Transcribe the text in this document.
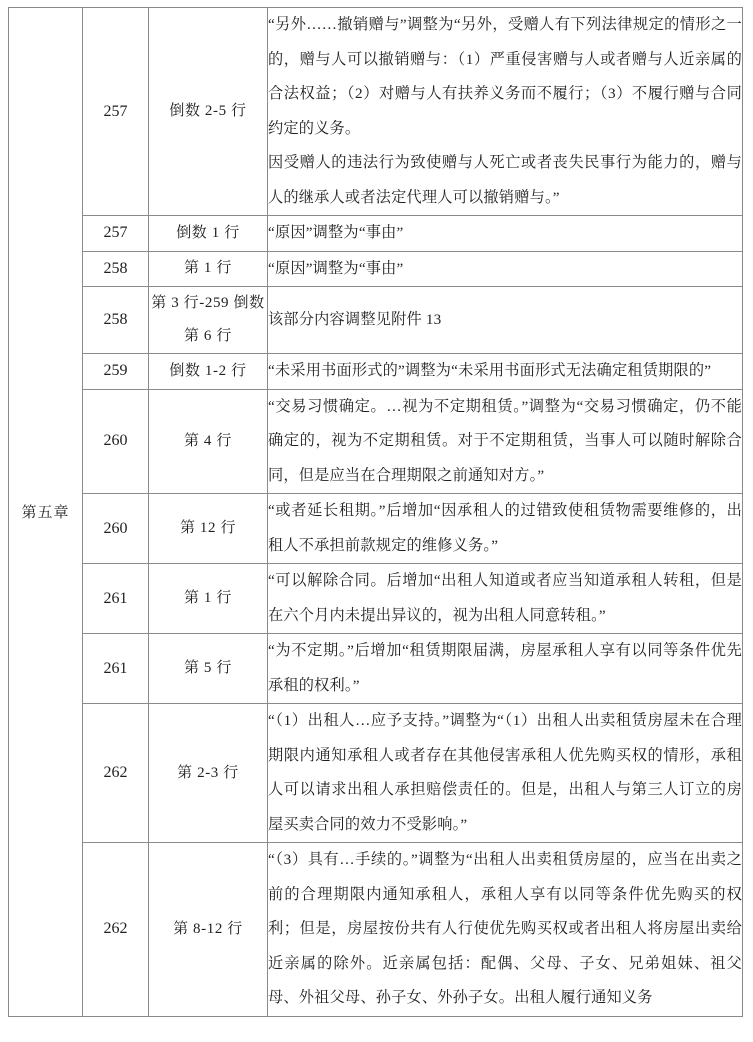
第五章	257	倒数 2-5 行	“另外……撤销赠与”调整为“另外，受赠人有下列法律规定的情形之一的，赠与人可以撤销赠与：（1）严重侵害赠与人或者赠与人近亲属的合法权益；（2）对赠与人有扶养义务而不履行；（3）不履行赠与合同约定的义务。

因受赠人的违法行为致使赠与人死亡或者丧失民事行为能力的，赠与人的继承人或者法定代理人可以撤销赠与。”

	257	倒数 1 行	“原因”调整为“事由”

	258	第 1 行	“原因”调整为“事由”

	258	第 3 行-259 倒数第 6 行	该部分内容调整见附件 13

	259	倒数 1-2 行	“未采用书面形式的”调整为“未采用书面形式无法确定租赁期限的”

	260	第 4 行	“交易习惯确定。…视为不定期租赁。”调整为“交易习惯确定，仍不能确定的，视为不定期租赁。对于不定期租赁，当事人可以随时解除合同，但是应当在合理期限之前通知对方。”

	260	第 12 行	“或者延长租期。”后增加“因承租人的过错致使租赁物需要维修的，出租人不承担前款规定的维修义务。”

	261	第 1 行	“可以解除合同。后增加“出租人知道或者应当知道承租人转租，但是在六个月内未提出异议的，视为出租人同意转租。”

	261	第 5 行	“为不定期。”后增加“租赁期限届满，房屋承租人享有以同等条件优先承租的权利。”

	262	第 2-3 行	“（1）出租人…应予支持。”调整为“（1）出租人出卖租赁房屋未在合理期限内通知承租人或者存在其他侵害承租人优先购买权的情形，承租人可以请求出租人承担赔偿责任的。但是，出租人与第三人订立的房屋买卖合同的效力不受影响。”

	262	第 8-12 行	“（3）具有…手续的。”调整为“出租人出卖租赁房屋的，应当在出卖之前的合理期限内通知承租人，承租人享有以同等条件优先购买的权利；但是，房屋按份共有人行使优先购买权或者出租人将房屋出卖给近亲属的除外。近亲属包括：配偶、父母、子女、兄弟姐妹、祖父母、外祖父母、孙子女、外孙子女。出租人履行通知义务
